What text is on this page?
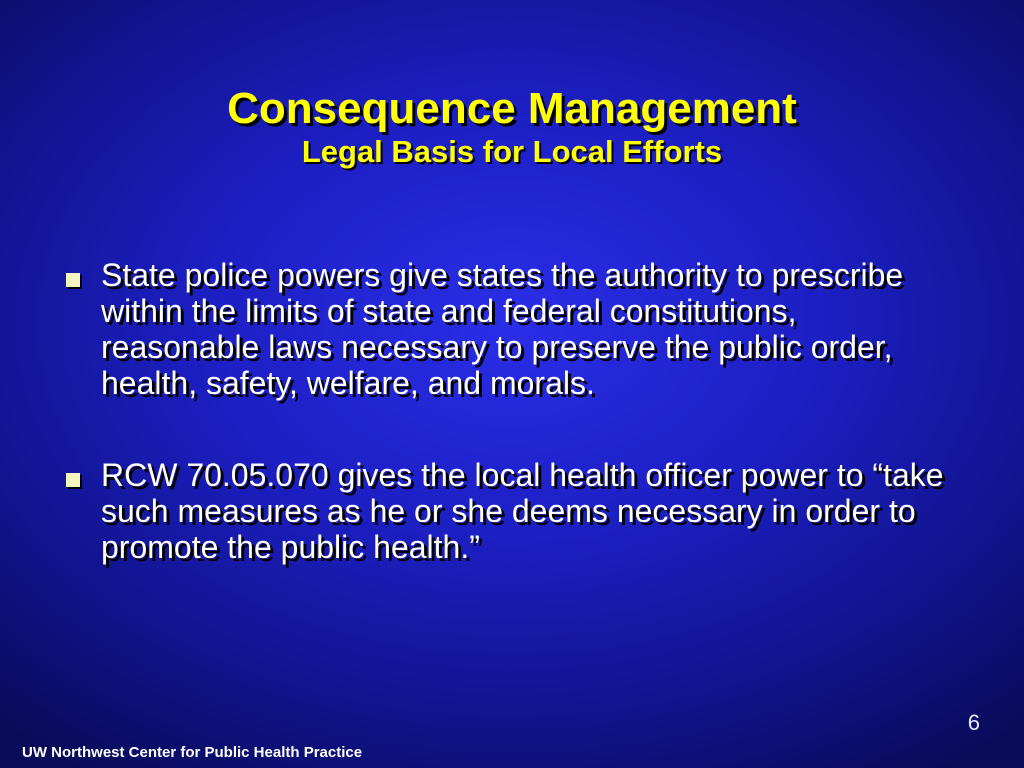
Consequence Management
Legal Basis for Local Efforts
State police powers give states the authority to prescribe within the limits of state and federal constitutions, reasonable laws necessary to preserve the public order, health, safety, welfare, and morals.
RCW 70.05.070 gives the local health officer power to “take such measures as he or she deems necessary in order to promote the public health.”
6
UW Northwest Center for Public Health Practice
